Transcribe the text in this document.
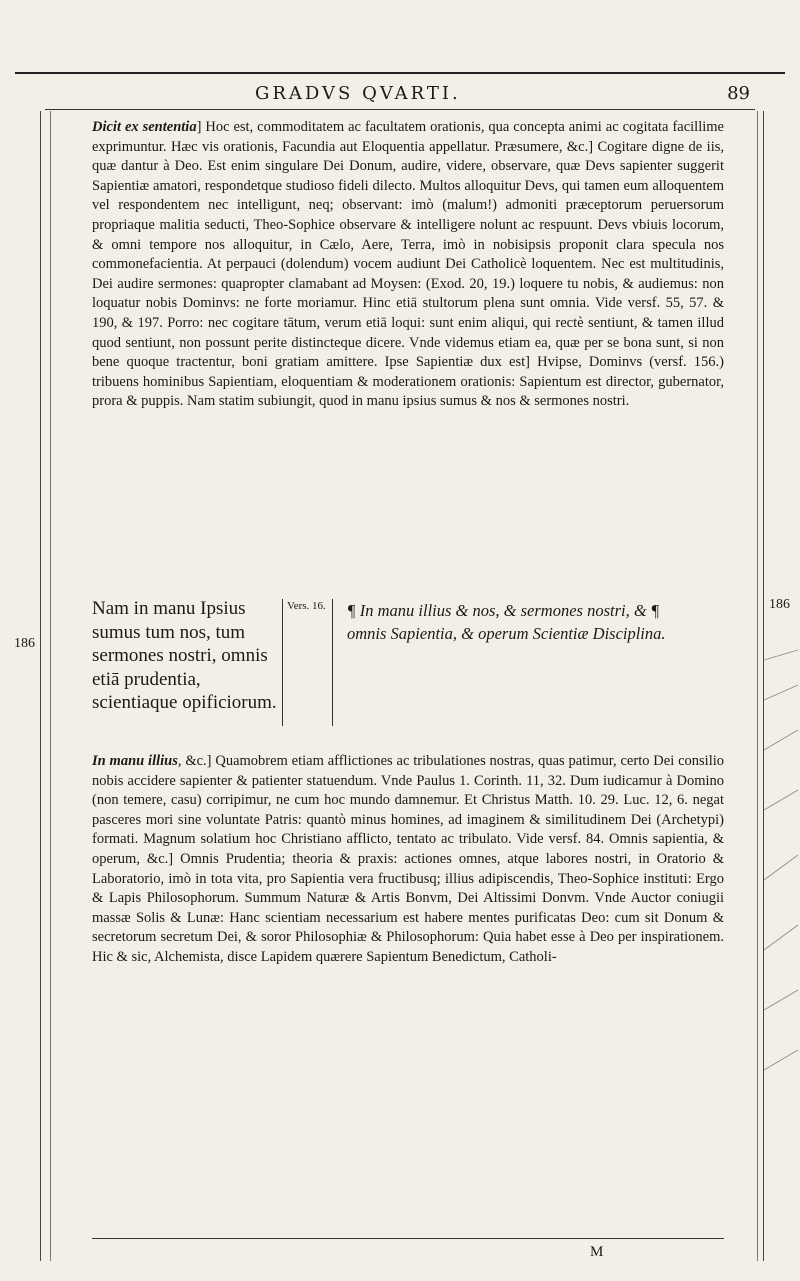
GRADVS QVARTI.	89

Dicit ex sententia] Hoc est, commoditatem ac facultatem orationis, qua concepta animi ac cogitata facillime exprimuntur. Hæc vis orationis, Facundia aut Eloquentia appellatur. Præsumere, &c.] Cogitare digne de iis, quæ dantur à Deo. Est enim singulare Dei Donum, audire, videre, observare, quæ Devs sapienter suggerit Sapientiæ amatori, respondetque studioso fideli dilecto. Multos alloquitur Devs, qui tamen eum alloquentem vel respondentem nec intelligunt, neq; observant: imò (malum!) admoniti præceptorum peruersorum propriaque malitia seducti, Theo-Sophice observare & intelligere nolunt ac respuunt. Devs vbiuis locorum, & omni tempore nos alloquitur, in Cælo, Aere, Terra, imò in nobisipsis proponit clara specula nos commonefacientia. At perpauci (dolendum) vocem audiunt Dei Catholicè loquentem. Nec est multitudinis, Dei audire sermones: quapropter clamabant ad Moysen: (Exod. 20, 19.) loquere tu nobis, & audiemus: non loquatur nobis Dominvs: ne forte moriamur. Hinc etiā stultorum plena sunt omnia. Vide versf. 55, 57. & 190, & 197. Porro: nec cogitare tātum, verum etiā loqui: sunt enim aliqui, qui rectè sentiunt, & tamen illud quod sentiunt, non possunt perite distincteque dicere. Vnde videmus etiam ea, quæ per se bona sunt, si non bene quoque tractentur, boni gratiam amittere. Ipse Sapientiæ dux est] Hvipse, Dominvs (versf. 156.) tribuens hominibus Sapientiam, eloquentiam & moderationem orationis: Sapientum est director, gubernator, prora & puppis. Nam statim subiungit, quod in manu ipsius sumus & nos & sermones nostri.

Nam in manu Ipsius sumus tum nos, tum sermones nostri, omnis etiā prudentia, scientiaque opificiorum.
Vers. 16. ¶ In manu illius & nos, & sermones nostri, & ¶ omnis Sapientia, & operum Scientiæ Disciplina.
186
186

In manu illius, &c.] Quamobrem etiam afflictiones ac tribulationes nostras, quas patimur, certo Dei consilio nobis accidere sapienter & patienter statuendum. Vnde Paulus 1. Corinth. 11, 32. Dum iudicamur à Domino (non temere, casu) corripimur, ne cum hoc mundo damnemur. Et Christus Matth. 10. 29. Luc. 12, 6. negat pasceres mori sine voluntate Patris: quantò minus homines, ad imaginem & similitudinem Dei (Archetypi) formati. Magnum solatium hoc Christiano afflicto, tentato ac tribulato. Vide versf. 84. Omnis sapientia, & operum, &c.] Omnis Prudentia; theoria & praxis: actiones omnes, atque labores nostri, in Oratorio & Laboratorio, imò in tota vita, pro Sapientia vera fructibusq; illius adipiscendis, Theo-Sophice instituti: Ergo & Lapis Philosophorum. Summum Naturæ & Artis Bonvm, Dei Altissimi Donvm. Vnde Auctor coniugii massæ Solis & Lunæ: Hanc scientiam necessarium est habere mentes purificatas Deo: cum sit Donum & secretorum secretum Dei, & soror Philosophiæ & Philosophorum: Quia habet esse à Deo per inspirationem. Hic & sic, Alchemista, disce Lapidem quærere Sapientum Benedictum, Catholi-

M
